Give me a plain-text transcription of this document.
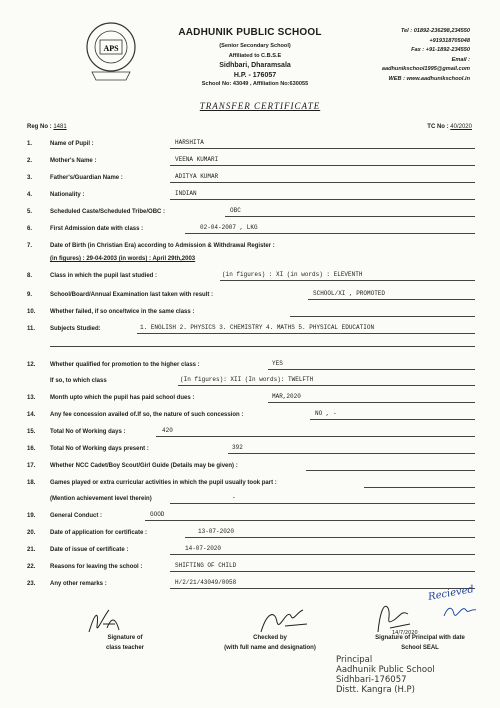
APS
AADHUNIK PUBLIC SCHOOL
(Senior Secondary School)
Affiliated to C.B.S.E
Sidhbari, Dharamsala
H.P. - 176057
School No: 43049 , Affiliation No:630055
Tel : 01892-236298,234550
+919318705048
Fax : +91-1892-234550
Email :
aadhunikschool1995@gmail.com
WEB : www.aadhunikschool.in
TRANSFER CERTIFICATE
Reg No : 1481	TC No : 40/2020
1.	Name of Pupil :	HARSHITA
2.	Mother's Name :	VEENA KUMARI
3.	Father's/Guardian Name :	ADITYA KUMAR
4.	Nationality :	INDIAN
5.	Scheduled Caste/Scheduled Tribe/OBC :	OBC
6.	First Admission date with class :	02-04-2007 , LKG
7.	Date of Birth (in Christian Era) according to Admission & Withdrawal Register :
(in figures) : 29-04-2003 (in words) : April 29th,2003
8.	Class in which the pupil last studied :	(in figures) : XI (in words) : ELEVENTH
9.	School/Board/Annual Examination last taken with result :	SCHOOL/XI , PROMOTED
10.	Whether failed, if so once/twice in the same class :
11.	Subjects Studied:	1. ENGLISH 2. PHYSICS 3. CHEMISTRY 4. MATHS 5. PHYSICAL EDUCATION
12.	Whether qualified for promotion to the higher class :	YES
If so, to which class	(In figures): XII (In words): TWELFTH
13.	Month upto which the pupil has paid school dues :	MAR,2020
14.	Any fee concession availed of.If so, the nature of such concession :	NO , -
15.	Total No of Working days :	420
16.	Total No of Working days present :	392
17.	Whether NCC Cadet/Boy Scout/Girl Guide (Details may be given) :
18.	Games played or extra curricular activities in which the pupil usually took part :
(Mention achievement level therein)	-
19.	General Conduct :	GOOD
20.	Date of application for certificate :	13-07-2020
21.	Date of issue of certificate :	14-07-2020
22.	Reasons for leaving the school :	SHIFTING OF CHILD
23.	Any other remarks :	H/2/21/43049/0058
14/7/2020
Recieved
Signature of
class teacher
Checked by
(with full name and designation)
Signature of Principal with date
School SEAL
Principal
Aadhunik Public School
Sidhbari-176057
Distt. Kangra (H.P)
